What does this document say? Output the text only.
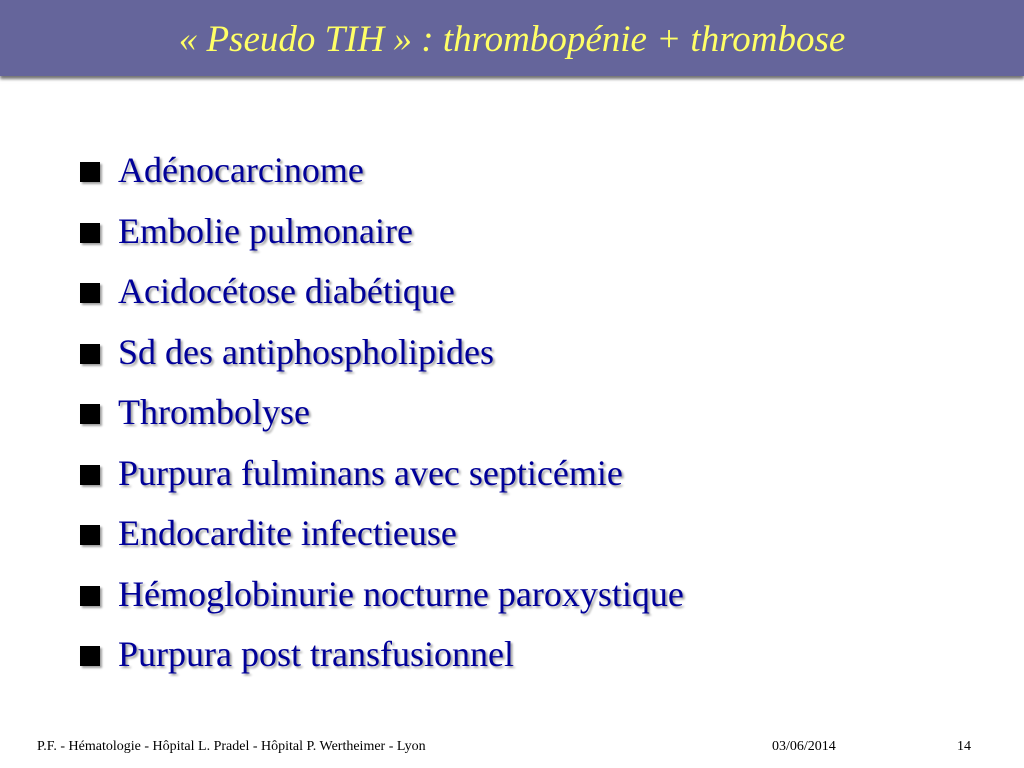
« Pseudo TIH » : thrombopénie + thrombose
Adénocarcinome
Embolie pulmonaire
Acidocétose diabétique
Sd des antiphospholipides
Thrombolyse
Purpura fulminans avec septicémie
Endocardite infectieuse
Hémoglobinurie nocturne paroxystique
Purpura post transfusionnel
P.F. - Hématologie - Hôpital L. Pradel - Hôpital P. Wertheimer - Lyon	03/06/2014	14
